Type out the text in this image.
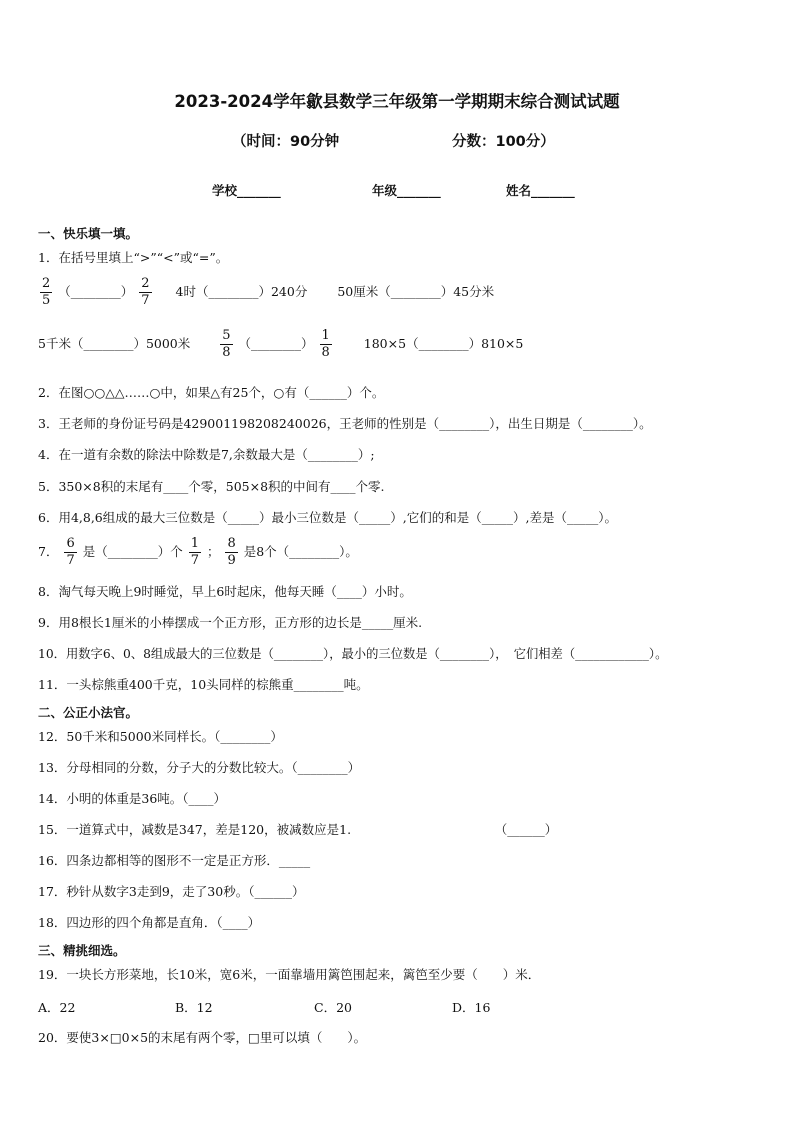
2023-2024学年歙县数学三年级第一学期期末综合测试试题
（时间：90分钟	分数：100分）
学校_______	年级_______	姓名_______
一、快乐填一填。
1．在括号里填上“>”“<”或“=”。
$\frac{2}{5}$ （________） $\frac{2}{7} 4$时（________）240分 50厘米（________）45分米
5千米（________）5000米 $\frac{5}{8}$ （________） $\frac{1}{8}$	180×5（________）810×5
2．在图○○△△……○中，如果△有25个，○有（______）个。
3．王老师的身份证号码是429001198208240026，王老师的性别是（________），出生日期是（________）。
4．在一道有余数的除法中除数是7,余数最大是（________）;
5．350×8积的末尾有____个零，505×8积的中间有____个零.
6．用4,8,6组成的最大三位数是（_____）最小三位数是（_____）,它们的和是（_____）,差是（_____）。
7． $\frac{6}{7}$ 是（________）个 $\frac{1}{7}$ ； $\frac{8}{9}$ 是8个（________）。
8．淘气每天晚上9时睡觉，早上6时起床，他每天睡（____）小时。
9．用8根长1厘米的小棒摆成一个正方形，正方形的边长是_____厘米.
10．用数字6、0、8组成最大的三位数是（________），最小的三位数是（________），　它们相差（____________）。
11．一头棕熊重400千克，10头同样的棕熊重________吨。
二、公正小法官。
12．50千米和5000米同样长。（________）
13．分母相同的分数，分子大的分数比较大。（________）
14．小明的体重是36吨。（____）
15．一道算式中，减数是347，差是120，被减数应是1.　　　　　　　　　　　　（______）
16．四条边都相等的图形不一定是正方形．_____
17．秒针从数字3走到9，走了30秒。（______）
18．四边形的四个角都是直角．（____）
三、精挑细选。
19．一块长方形菜地，长10米，宽6米，一面靠墙用篱笆围起来，篱笆至少要（　　）米．
A．22	B．12	C．20	D．16
20．要使3×□0×5的末尾有两个零，□里可以填（　　）。
